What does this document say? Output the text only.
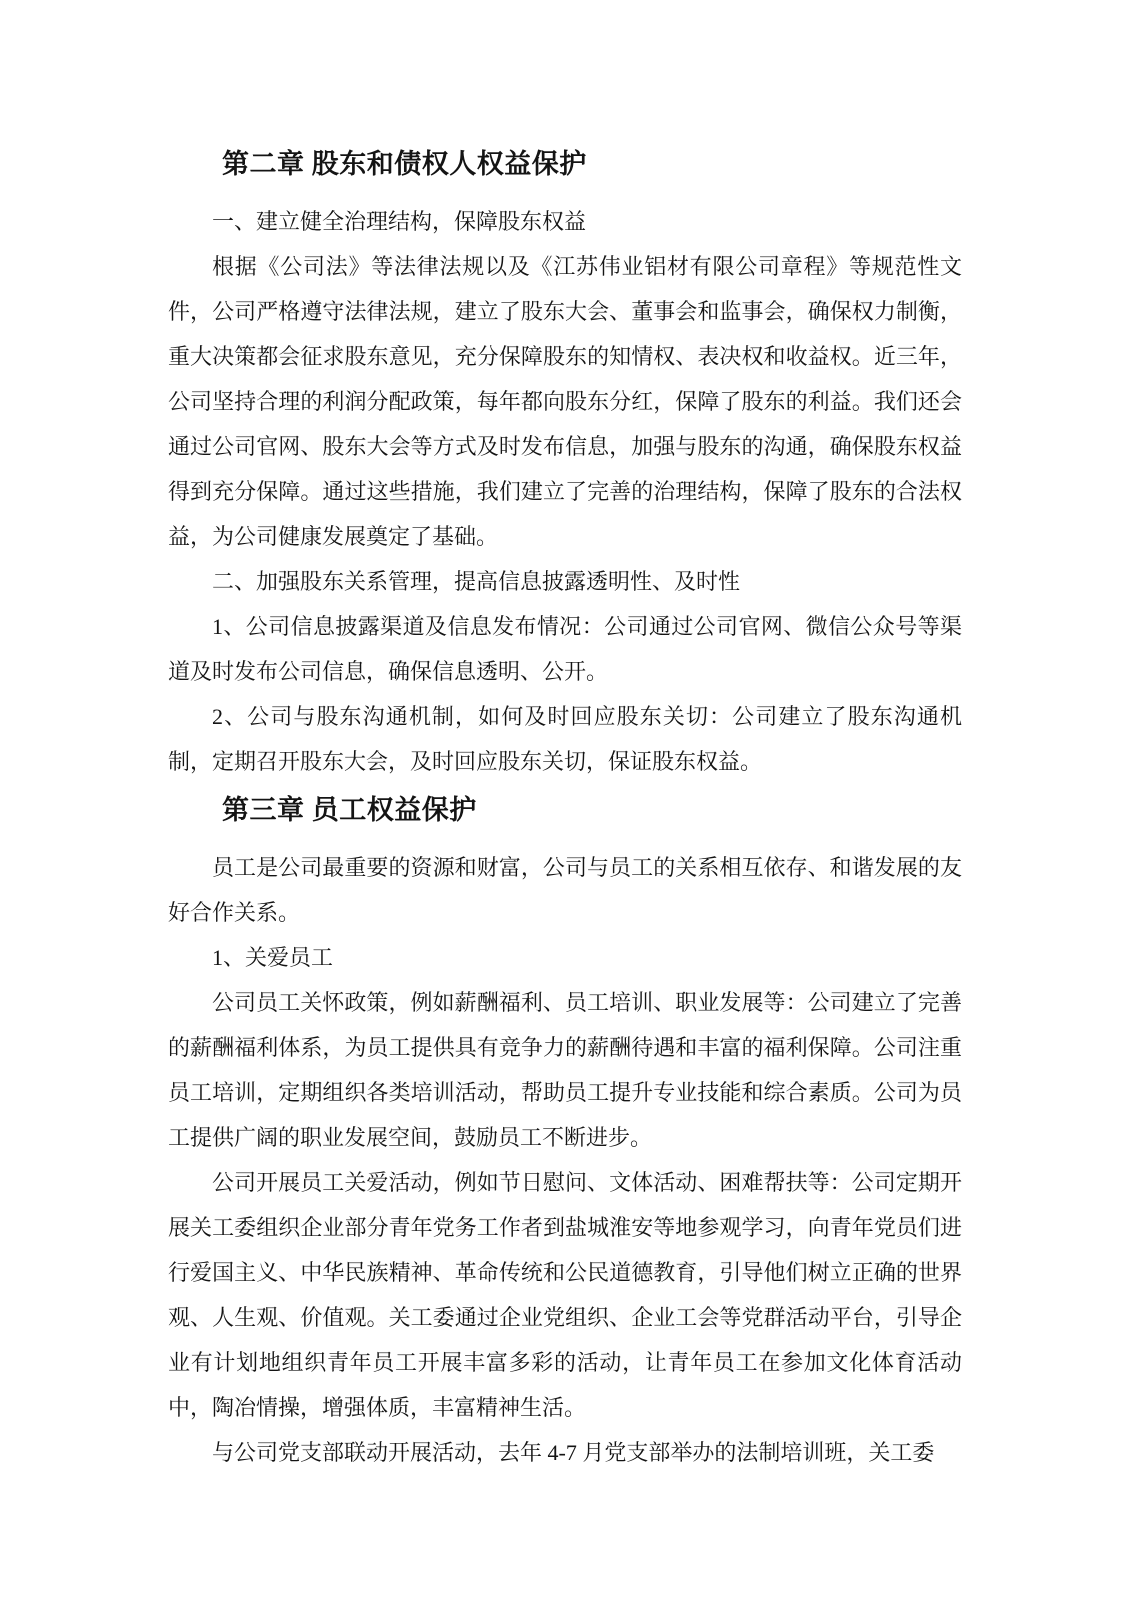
第二章 股东和债权人权益保护

一、建立健全治理结构，保障股东权益

根据《公司法》等法律法规以及《江苏伟业铝材有限公司章程》等规范性文件，公司严格遵守法律法规，建立了股东大会、董事会和监事会，确保权力制衡，重大决策都会征求股东意见，充分保障股东的知情权、表决权和收益权。近三年，公司坚持合理的利润分配政策，每年都向股东分红，保障了股东的利益。我们还会通过公司官网、股东大会等方式及时发布信息，加强与股东的沟通，确保股东权益得到充分保障。通过这些措施，我们建立了完善的治理结构，保障了股东的合法权益，为公司健康发展奠定了基础。

二、加强股东关系管理，提高信息披露透明性、及时性

1、公司信息披露渠道及信息发布情况：公司通过公司官网、微信公众号等渠道及时发布公司信息，确保信息透明、公开。

2、公司与股东沟通机制，如何及时回应股东关切：公司建立了股东沟通机制，定期召开股东大会，及时回应股东关切，保证股东权益。

第三章 员工权益保护

员工是公司最重要的资源和财富，公司与员工的关系相互依存、和谐发展的友好合作关系。

1、关爱员工

公司员工关怀政策，例如薪酬福利、员工培训、职业发展等：公司建立了完善的薪酬福利体系，为员工提供具有竞争力的薪酬待遇和丰富的福利保障。公司注重员工培训，定期组织各类培训活动，帮助员工提升专业技能和综合素质。公司为员工提供广阔的职业发展空间，鼓励员工不断进步。

公司开展员工关爱活动，例如节日慰问、文体活动、困难帮扶等：公司定期开展关工委组织企业部分青年党务工作者到盐城淮安等地参观学习，向青年党员们进行爱国主义、中华民族精神、革命传统和公民道德教育，引导他们树立正确的世界观、人生观、价值观。关工委通过企业党组织、企业工会等党群活动平台，引导企业有计划地组织青年员工开展丰富多彩的活动，让青年员工在参加文化体育活动中，陶冶情操，增强体质，丰富精神生活。

与公司党支部联动开展活动，去年 4-7 月党支部举办的法制培训班，关工委
